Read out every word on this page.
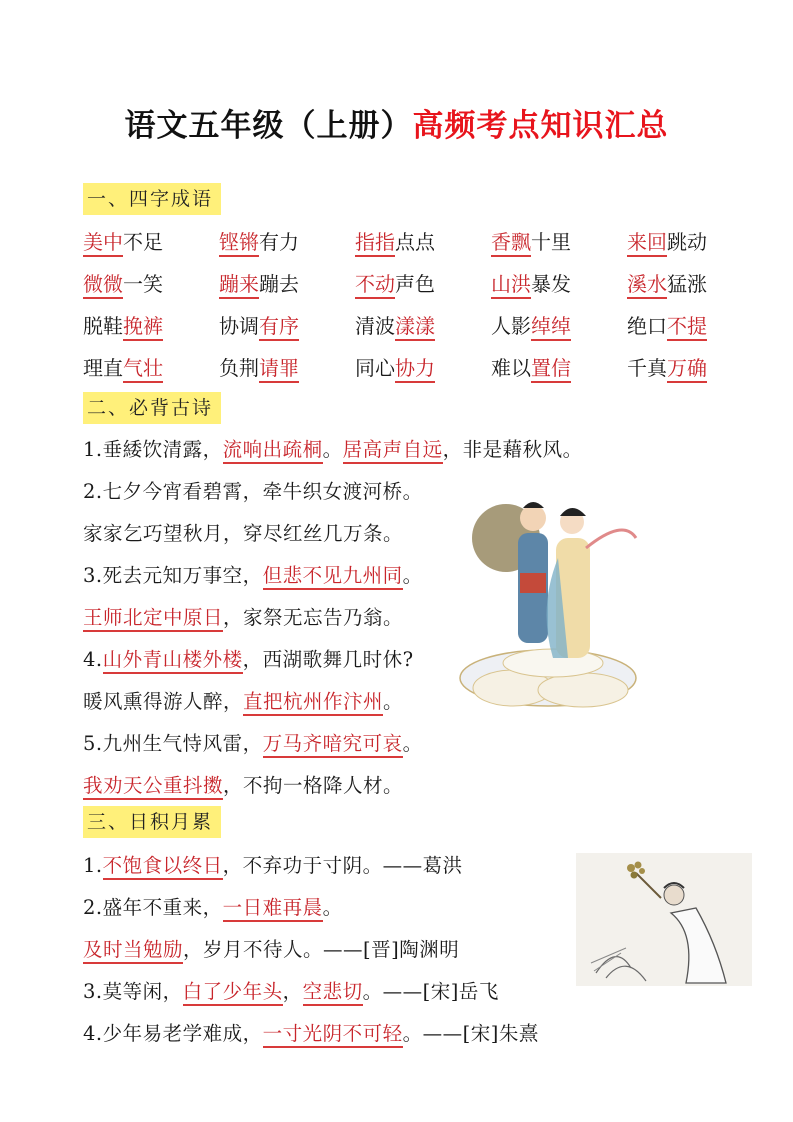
语文五年级（上册）高频考点知识汇总
一、四字成语
美中不足	铿锵有力	指指点点	香飘十里	来回跳动
微微一笑	蹦来蹦去	不动声色	山洪暴发	溪水猛涨
脱鞋挽裤	协调有序	清波漾漾	人影绰绰	绝口不提
理直气壮	负荆请罪	同心协力	难以置信	千真万确
二、必背古诗
1.垂緌饮清露，流响出疏桐。居高声自远，非是藉秋风。
2.七夕今宵看碧霄，牵牛织女渡河桥。
家家乞巧望秋月，穿尽红丝几万条。
3.死去元知万事空，但悲不见九州同。
王师北定中原日，家祭无忘告乃翁。
4.山外青山楼外楼，西湖歌舞几时休?
暖风熏得游人醉，直把杭州作汴州。
5.九州生气恃风雷，万马齐喑究可哀。
我劝天公重抖擞，不拘一格降人材。
三、日积月累
1.不饱食以终日，不弃功于寸阴。——葛洪
2.盛年不重来，一日难再晨。
及时当勉励，岁月不待人。——[晋]陶渊明
3.莫等闲，白了少年头，空悲切。——[宋]岳飞
4.少年易老学难成，一寸光阴不可轻。——[宋]朱熹
